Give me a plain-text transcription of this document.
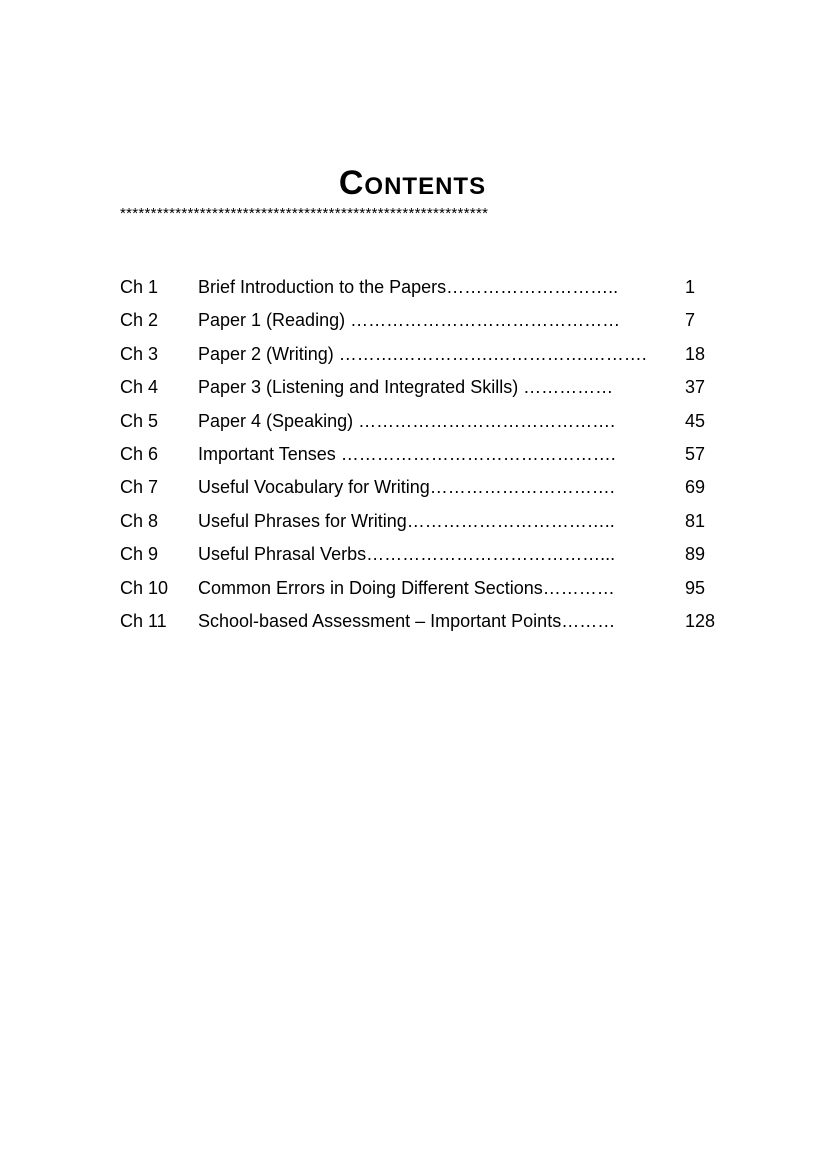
Contents
************************************************************
Ch 1 Brief Introduction to the Papers………………………..	1
Ch 2 Paper 1 (Reading) ………………………………………	7
Ch 3 Paper 2 (Writing) ……….…………….…………….………. 18
Ch 4 Paper 3 (Listening and Integrated Skills) ……………	37
Ch 5 Paper 4 (Speaking) …………………………………….	45
Ch 6 Important Tenses ……………………………………….	57
Ch 7 Useful Vocabulary for Writing………………………….	69
Ch 8 Useful Phrases for Writing……………………………..	81
Ch 9 Useful Phrasal Verbs…………………………………...	89
Ch 10 Common Errors in Doing Different Sections…………	95
Ch 11 School-based Assessment – Important Points………	128
